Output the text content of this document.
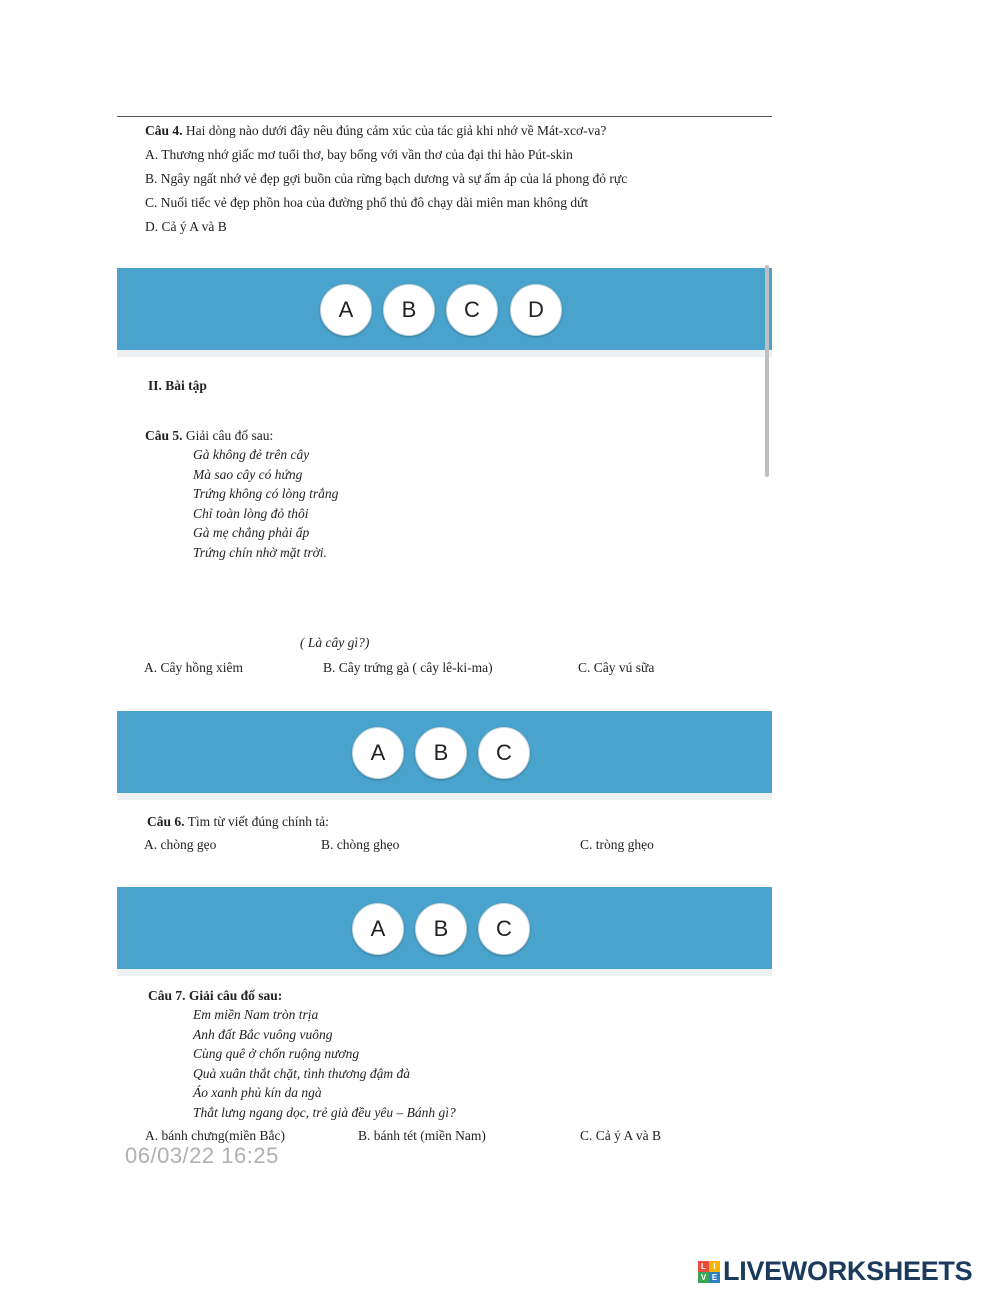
Câu 4. Hai dòng nào dưới đây nêu đúng cảm xúc của tác giả khi nhớ về Mát-xcơ-va?
A. Thương nhớ giấc mơ tuổi thơ, bay bổng với vần thơ của đại thi hào Pút-skin
B. Ngây ngất nhớ vẻ đẹp gợi buồn của rừng bạch dương và sự ấm áp của lá phong đỏ rực
C. Nuối tiếc vẻ đẹp phồn hoa của đường phố thủ đô chạy dài miên man không dứt
D. Cả ý A và B
A	B	C	D
II. Bài tập
Câu 5. Giải câu đố sau:
Gà không đẻ trên cây
Mà sao cây có hứng
Trứng không có lòng trắng
Chỉ toàn lòng đỏ thôi
Gà mẹ chẳng phải ấp
Trứng chín nhờ mặt trời.
( Là cây gì?)
A. Cây hồng xiêm	B. Cây trứng gà ( cây lê-ki-ma)	C. Cây vú sữa
A	B	C
Câu 6. Tìm từ viết đúng chính tả:
A. chòng gẹo	B. chòng ghẹo	C. tròng ghẹo
A	B	C
Câu 7. Giải câu đố sau:
Em miền Nam tròn trịa
Anh đất Bắc vuông vuông
Cùng quê ở chốn ruộng nương
Quà xuân thắt chặt, tình thương đậm đà
Áo xanh phủ kín da ngà
Thắt lưng ngang dọc, trẻ già đều yêu – Bánh gì?
A. bánh chưng(miền Bắc)	B. bánh tét (miền Nam)	C. Cả ý A và B
06/03/22 16:25
L I
V E LIVEWORKSHEETS
